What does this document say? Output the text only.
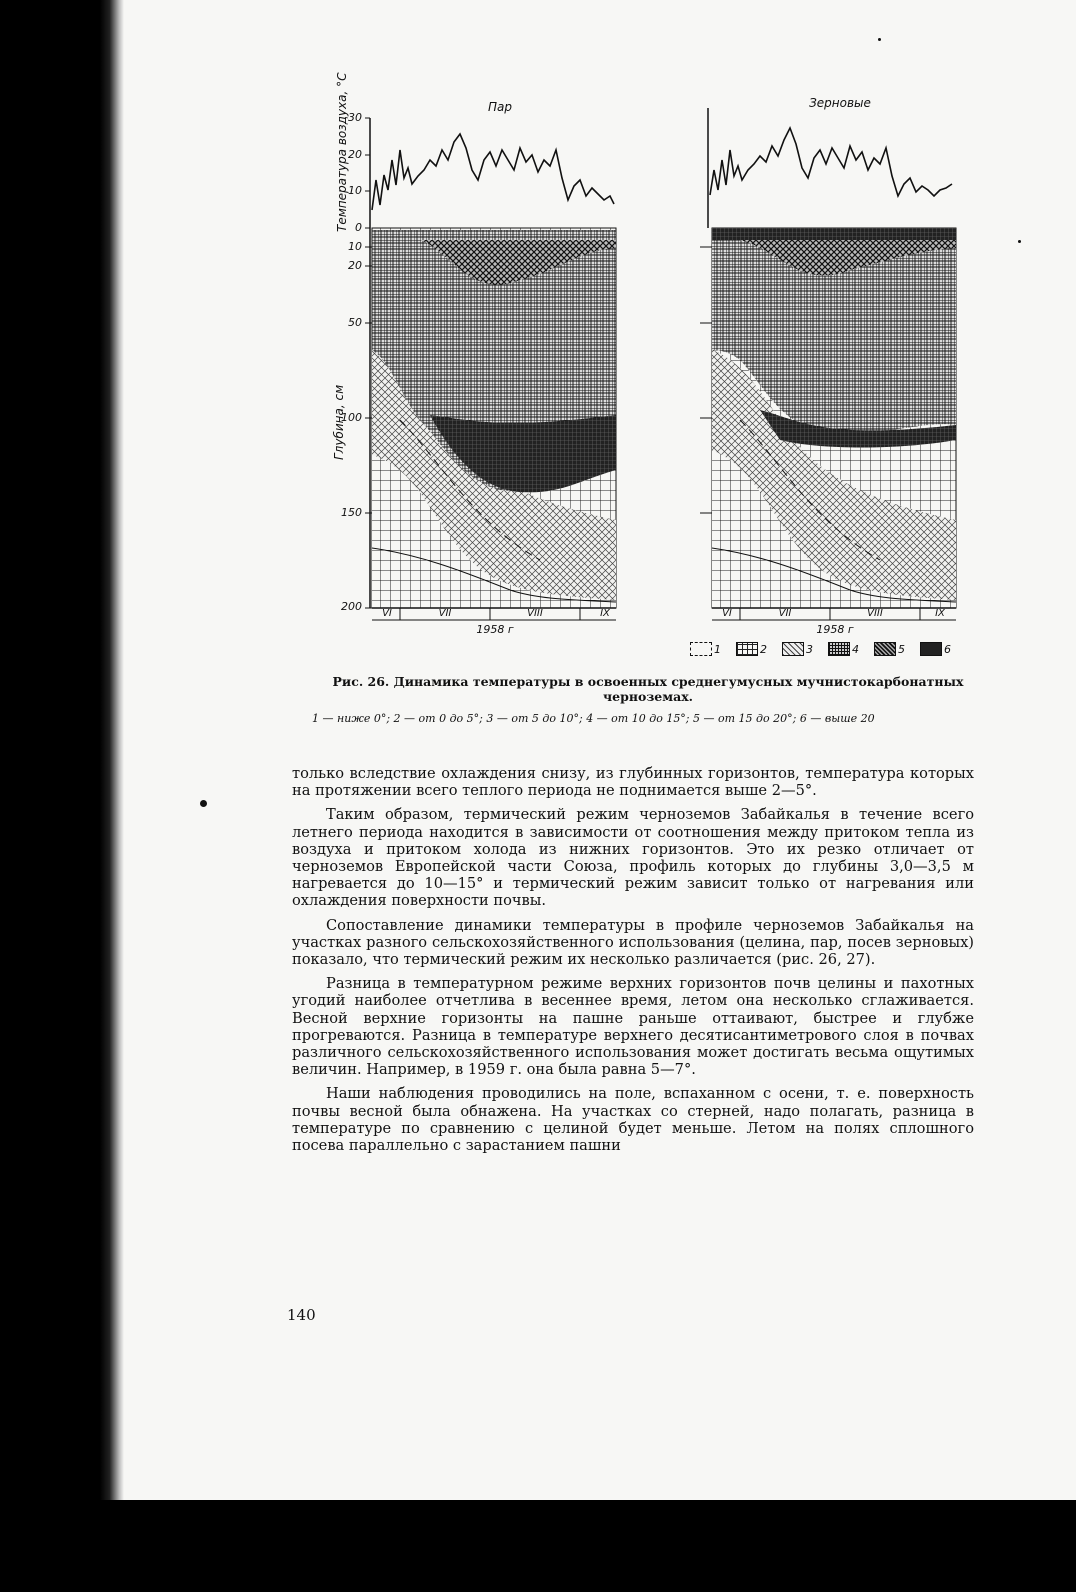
Пар	Зерновые
30
20
10
0
10
20
50
100
150
200
Температура воздуха, °С
Глубина, см
VI	VII	VIII	IX	VI	VII	VIII	IX
1958 г	1958 г
1	2	3	4	5	6
Рис. 26. Динамика температуры в освоенных среднегумусных мучнистокарбонатных черноземах.
1 — ниже 0°; 2 — от 0 до 5°; 3 — от 5 до 10°; 4 — от 10 до 15°; 5 — от 15 до 20°; 6 — выше 20

только вследствие охлаждения снизу, из глубинных горизонтов, температура которых на протяжении всего теплого периода не поднимается выше 2—5°.

Таким образом, термический режим черноземов Забайкалья в течение всего летнего периода находится в зависимости от соотношения между притоком тепла из воздуха и притоком холода из нижних горизонтов. Это их резко отличает от черноземов Европейской части Союза, профиль которых до глубины 3,0—3,5 м нагревается до 10—15° и термический режим зависит только от нагревания или охлаждения поверхности почвы.

Сопоставление динамики температуры в профиле черноземов Забайкалья на участках разного сельскохозяйственного использования (целина, пар, посев зерновых) показало, что термический режим их несколько различается (рис. 26, 27).

Разница в температурном режиме верхних горизонтов почв целины и пахотных угодий наиболее отчетлива в весеннее время, летом она несколько сглаживается. Весной верхние горизонты на пашне раньше оттаивают, быстрее и глубже прогреваются. Разница в температуре верхнего десятисантиметрового слоя в почвах различного сельскохозяйственного использования может достигать весьма ощутимых величин. Например, в 1959 г. она была равна 5—7°.

Наши наблюдения проводились на поле, вспаханном с осени, т. е. поверхность почвы весной была обнажена. На участках со стерней, надо полагать, разница в температуре по сравнению с целиной будет меньше. Летом на полях сплошного посева параллельно с зарастанием пашни

140
